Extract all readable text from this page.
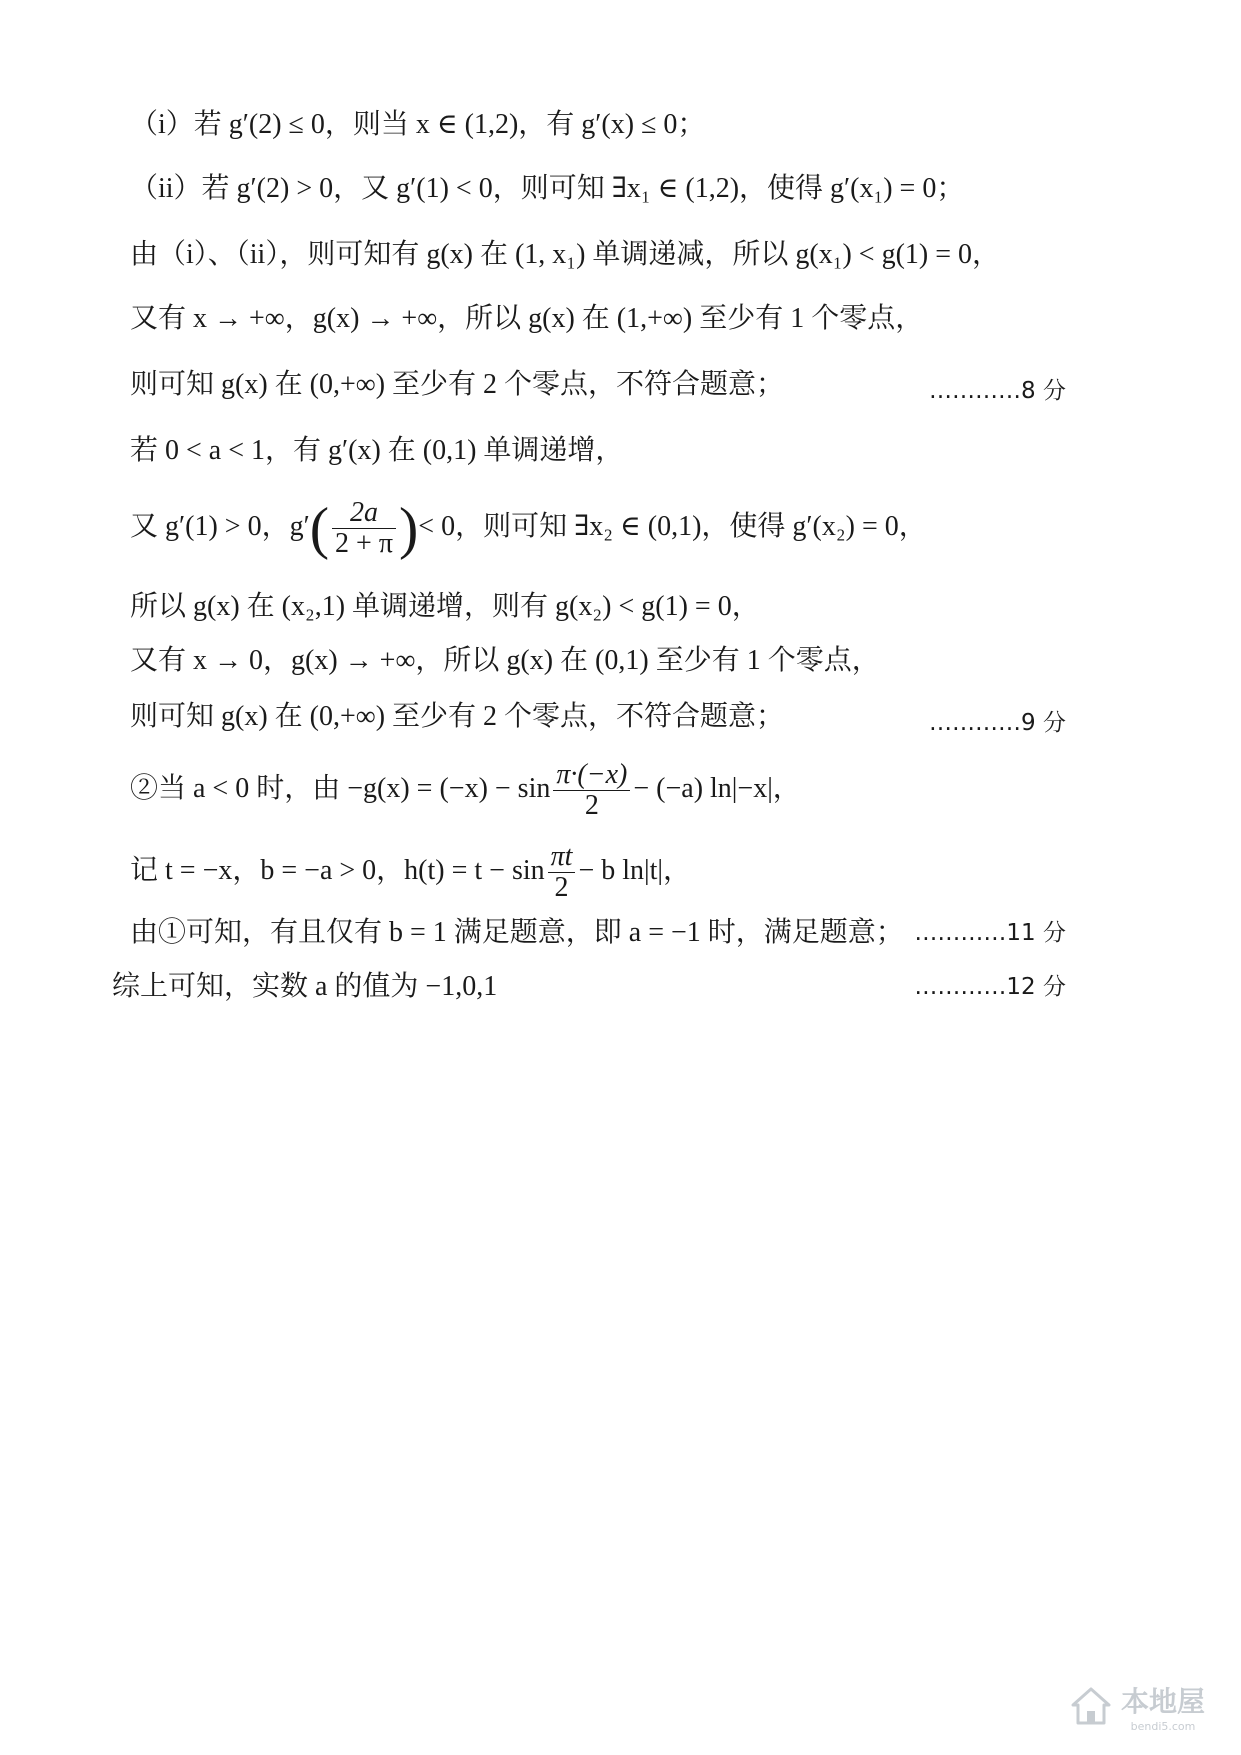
（i）若 g′(2) ≤ 0，则当 x ∈ (1,2)，有 g′(x) ≤ 0；
（ii）若 g′(2) > 0，又 g′(1) < 0，则可知 ∃x₁ ∈ (1,2)，使得 g′(x₁) = 0；
由（i）、（ii），则可知有 g(x) 在 (1, x₁) 单调递减，所以 g(x₁) < g(1) = 0，
又有 x → +∞，g(x) → +∞，所以 g(x) 在 (1,+∞) 至少有 1 个零点，
则可知 g(x) 在 (0,+∞) 至少有 2 个零点，不符合题意；	…………8 分
若 0 < a < 1，有 g′(x) 在 (0,1) 单调递增，
又 g′(1) > 0，$g'( \frac{2a}{2 + \pi}$ )< 0，则可知 ∃x₂ ∈ (0,1)，使得 g′(x₂) = 0，
所以 g(x) 在 (x₂,1) 单调递增，则有 g(x₂) < g(1) = 0，
又有 x → 0，g(x) → +∞，所以 g(x) 在 (0,1) 至少有 1 个零点，
则可知 g(x) 在 (0,+∞) 至少有 2 个零点，不符合题意；	…………9 分
②当 a < 0 时，由 $-g(x) = (-x) - \sin \frac{\pi\cdot(-x)}{2} - (-a)$ ln|−x|，
记 t = −x，b = −a > 0，$h(t) = t - \sin \frac{\pi t}{2} - b$ ln|t|，
由①可知，有且仅有 b = 1 满足题意，即 a = −1 时，满足题意； …………11 分
综上可知，实数 a 的值为 −1,0,1	…………12 分
本地屋
bendi5.com
